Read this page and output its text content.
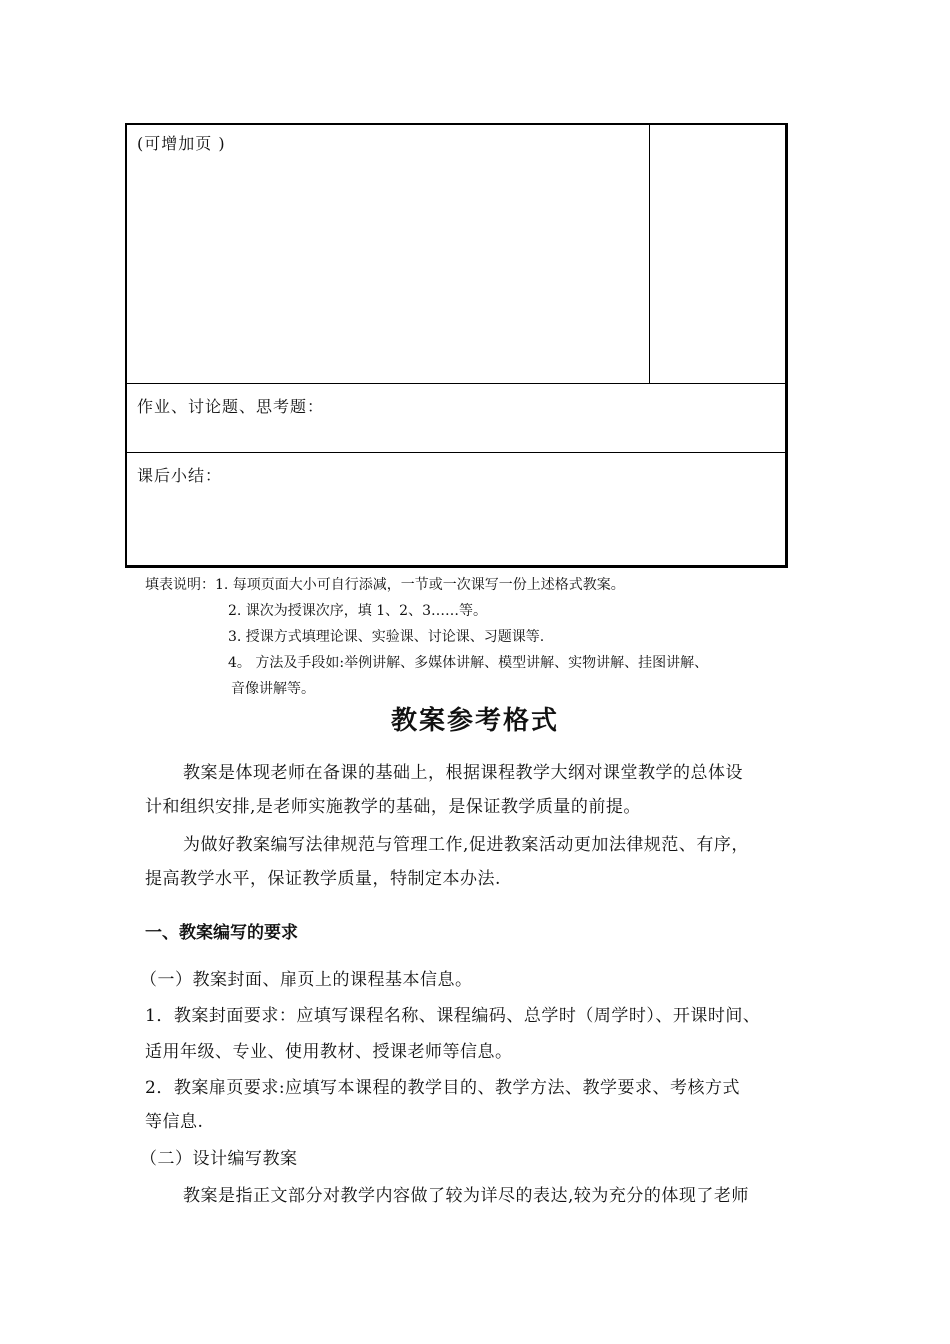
(可增加页 )
作业、讨论题、思考题：
课后小结：
填表说明：1. 每项页面大小可自行添减，一节或一次课写一份上述格式教案。
2. 课次为授课次序，填 1、2、3……等。
3. 授课方式填理论课、实验课、讨论课、习题课等.
4。 方法及手段如:举例讲解、多媒体讲解、模型讲解、实物讲解、挂图讲解、
音像讲解等。
教案参考格式

教案是体现老师在备课的基础上，根据课程教学大纲对课堂教学的总体设

计和组织安排,是老师实施教学的基础，是保证教学质量的前提。

为做好教案编写法律规范与管理工作,促进教案活动更加法律规范、有序，

提高教学水平，保证教学质量，特制定本办法.

一、教案编写的要求
（一）教案封面、扉页上的课程基本信息。
1．教案封面要求：应填写课程名称、课程编码、总学时（周学时）、开课时间、
适用年级、专业、使用教材、授课老师等信息。
2．教案扉页要求:应填写本课程的教学目的、教学方法、教学要求、考核方式
等信息.
（二）设计编写教案
教案是指正文部分对教学内容做了较为详尽的表达,较为充分的体现了老师
